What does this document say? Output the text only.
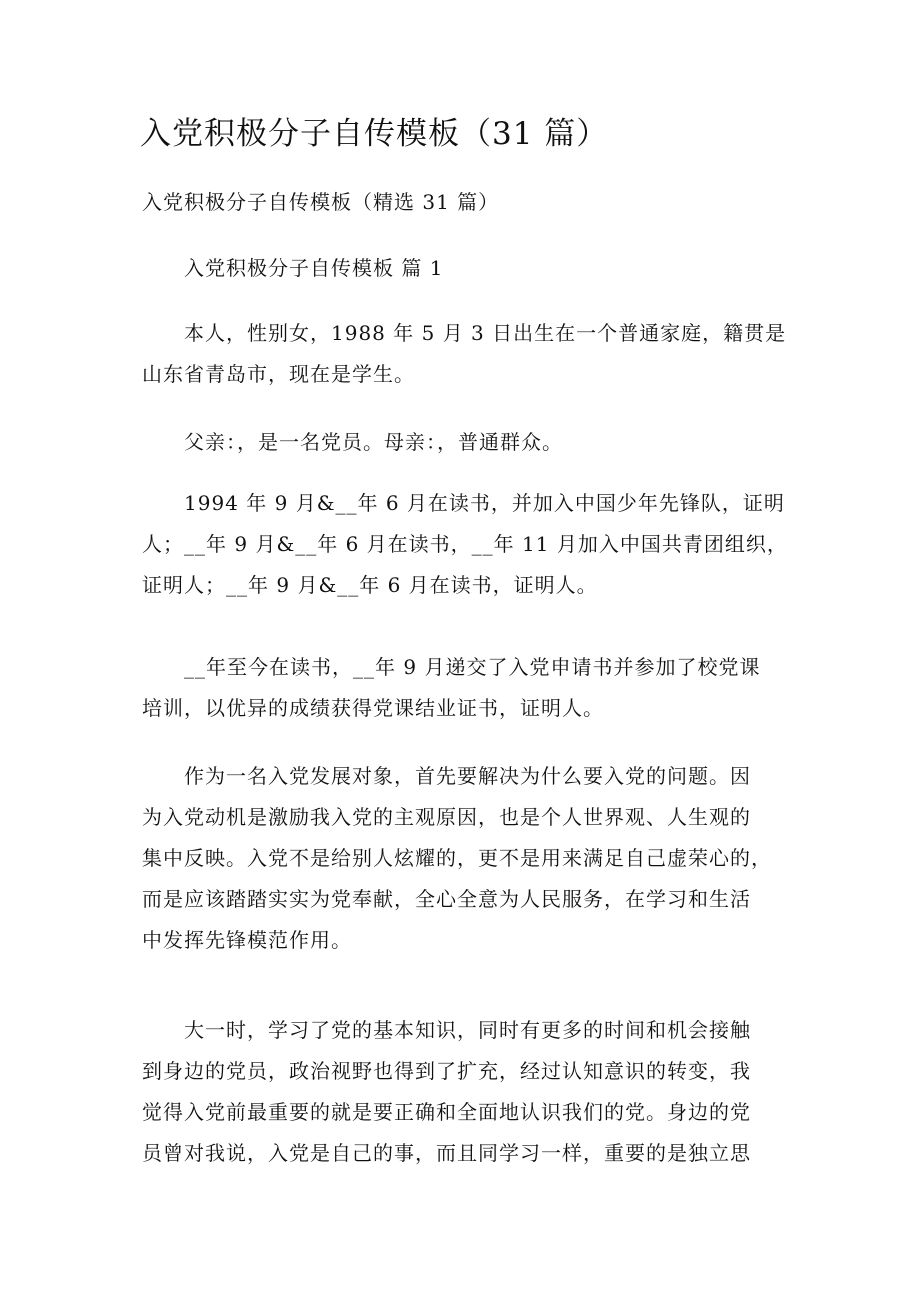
入党积极分子自传模板（31 篇）
入党积极分子自传模板（精选 31 篇）
入党积极分子自传模板 篇 1
本人，性别女，1988 年 5 月 3 日出生在一个普通家庭，籍贯是
山东省青岛市，现在是学生。
父亲：，是一名党员。母亲：，普通群众。
1994 年 9 月&__年 6 月在读书，并加入中国少年先锋队，证明
人；__年 9 月&__年 6 月在读书，__年 11 月加入中国共青团组织，
证明人；__年 9 月&__年 6 月在读书，证明人。
__年至今在读书，__年 9 月递交了入党申请书并参加了校党课
培训，以优异的成绩获得党课结业证书，证明人。
作为一名入党发展对象，首先要解决为什么要入党的问题。因
为入党动机是激励我入党的主观原因，也是个人世界观、人生观的
集中反映。入党不是给别人炫耀的，更不是用来满足自己虚荣心的，
而是应该踏踏实实为党奉献，全心全意为人民服务，在学习和生活
中发挥先锋模范作用。
大一时，学习了党的基本知识，同时有更多的时间和机会接触
到身边的党员，政治视野也得到了扩充，经过认知意识的转变，我
觉得入党前最重要的就是要正确和全面地认识我们的党。身边的党
员曾对我说，入党是自己的事，而且同学习一样，重要的是独立思
